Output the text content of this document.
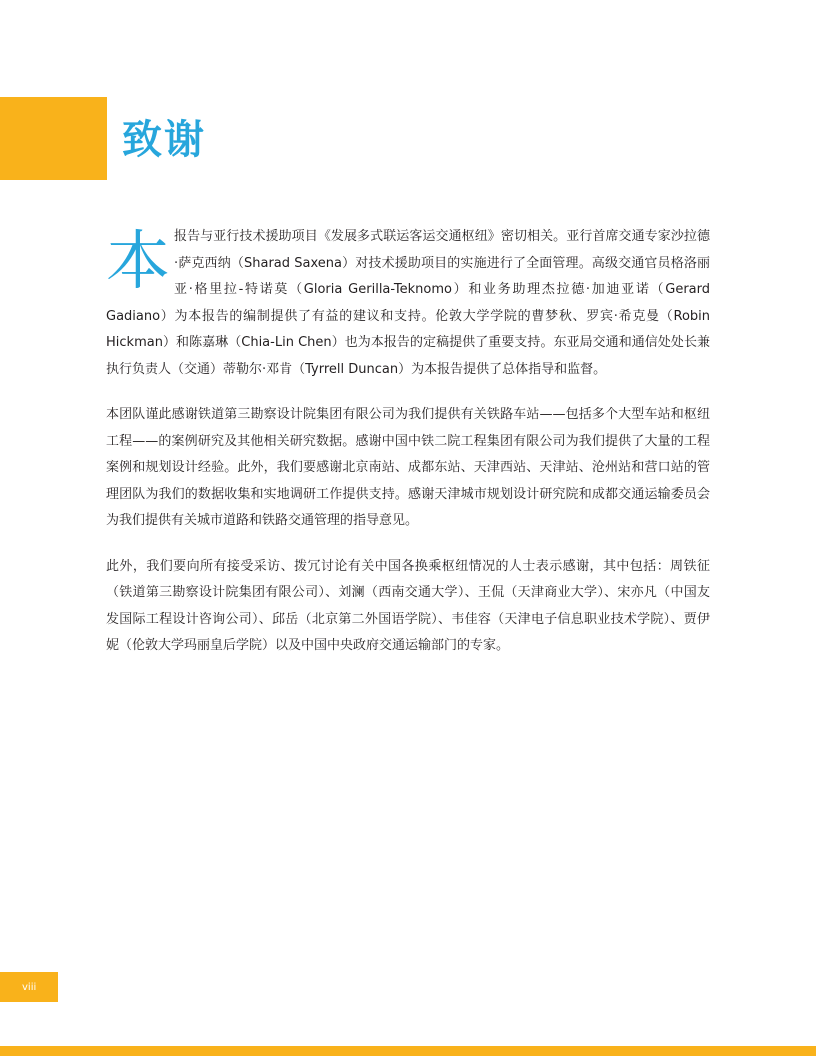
致谢

本报告与亚行技术援助项目《发展多式联运客运交通枢纽》密切相关。亚行首席交通专家沙拉德·萨克西纳（Sharad Saxena）对技术援助项目的实施进行了全面管理。高级交通官员格洛丽亚·格里拉-特诺莫（Gloria Gerilla-Teknomo）和业务助理杰拉德·加迪亚诺（Gerard Gadiano）为本报告的编制提供了有益的建议和支持。伦敦大学学院的曹梦秋、罗宾·希克曼（Robin Hickman）和陈嘉琳（Chia-Lin Chen）也为本报告的定稿提供了重要支持。东亚局交通和通信处处长兼执行负责人（交通）蒂勒尔·邓肯（Tyrrell Duncan）为本报告提供了总体指导和监督。

本团队谨此感谢铁道第三勘察设计院集团有限公司为我们提供有关铁路车站——包括多个大型车站和枢纽工程——的案例研究及其他相关研究数据。感谢中国中铁二院工程集团有限公司为我们提供了大量的工程案例和规划设计经验。此外，我们要感谢北京南站、成都东站、天津西站、天津站、沧州站和营口站的管理团队为我们的数据收集和实地调研工作提供支持。感谢天津城市规划设计研究院和成都交通运输委员会为我们提供有关城市道路和铁路交通管理的指导意见。

此外，我们要向所有接受采访、拨冗讨论有关中国各换乘枢纽情况的人士表示感谢，其中包括：周铁征（铁道第三勘察设计院集团有限公司）、刘澜（西南交通大学）、王侃（天津商业大学）、宋亦凡（中国友发国际工程设计咨询公司）、邱岳（北京第二外国语学院）、韦佳容（天津电子信息职业技术学院）、贾伊妮（伦敦大学玛丽皇后学院）以及中国中央政府交通运输部门的专家。

viii
